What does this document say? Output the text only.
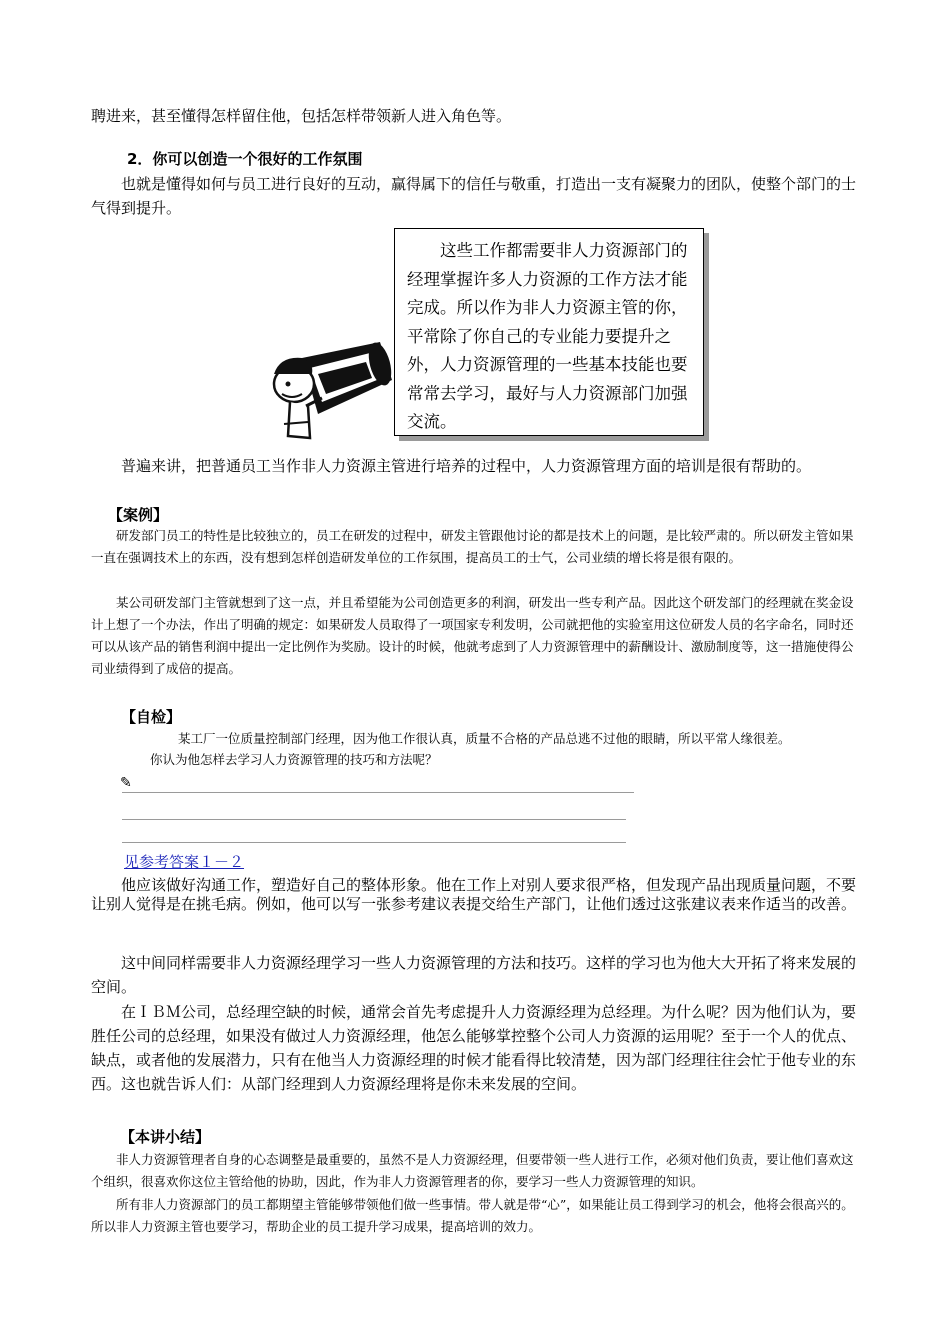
聘进来，甚至懂得怎样留住他，包括怎样带领新人进入角色等。
2．你可以创造一个很好的工作氛围
也就是懂得如何与员工进行良好的互动，赢得属下的信任与敬重，打造出一支有凝聚力的团队，使整个部门的士气得到提升。
这些工作都需要非人力资源部门的经理掌握许多人力资源的工作方法才能完成。所以作为非人力资源主管的你，平常除了你自己的专业能力要提升之外，人力资源管理的一些基本技能也要常常去学习，最好与人力资源部门加强交流。
普遍来讲，把普通员工当作非人力资源主管进行培养的过程中，人力资源管理方面的培训是很有帮助的。
【案例】
研发部门员工的特性是比较独立的，员工在研发的过程中，研发主管跟他讨论的都是技术上的问题，是比较严肃的。所以研发主管如果一直在强调技术上的东西，没有想到怎样创造研发单位的工作氛围，提高员工的士气，公司业绩的增长将是很有限的。
某公司研发部门主管就想到了这一点，并且希望能为公司创造更多的利润，研发出一些专利产品。因此这个研发部门的经理就在奖金设计上想了一个办法，作出了明确的规定：如果研发人员取得了一项国家专利发明，公司就把他的实验室用这位研发人员的名字命名，同时还可以从该产品的销售利润中提出一定比例作为奖励。设计的时候，他就考虑到了人力资源管理中的薪酬设计、激励制度等，这一措施使得公司业绩得到了成倍的提高。
【自检】
某工厂一位质量控制部门经理，因为他工作很认真，质量不合格的产品总逃不过他的眼睛，所以平常人缘很差。
你认为他怎样去学习人力资源管理的技巧和方法呢？
✎
见参考答案１－２
他应该做好沟通工作，塑造好自己的整体形象。他在工作上对别人要求很严格，但发现产品出现质量问题，不要让别人觉得是在挑毛病。例如，他可以写一张参考建议表提交给生产部门，让他们透过这张建议表来作适当的改善。
这中间同样需要非人力资源经理学习一些人力资源管理的方法和技巧。这样的学习也为他大大开拓了将来发展的空间。
在ＩＢＭ公司，总经理空缺的时候，通常会首先考虑提升人力资源经理为总经理。为什么呢？因为他们认为，要胜任公司的总经理，如果没有做过人力资源经理，他怎么能够掌控整个公司人力资源的运用呢？至于一个人的优点、缺点，或者他的发展潜力，只有在他当人力资源经理的时候才能看得比较清楚，因为部门经理往往会忙于他专业的东西。这也就告诉人们：从部门经理到人力资源经理将是你未来发展的空间。
【本讲小结】
非人力资源管理者自身的心态调整是最重要的，虽然不是人力资源经理，但要带领一些人进行工作，必须对他们负责，要让他们喜欢这个组织，很喜欢你这位主管给他的协助，因此，作为非人力资源管理者的你，要学习一些人力资源管理的知识。
所有非人力资源部门的员工都期望主管能够带领他们做一些事情。带人就是带“心”，如果能让员工得到学习的机会，他将会很高兴的。所以非人力资源主管也要学习，帮助企业的员工提升学习成果，提高培训的效力。
